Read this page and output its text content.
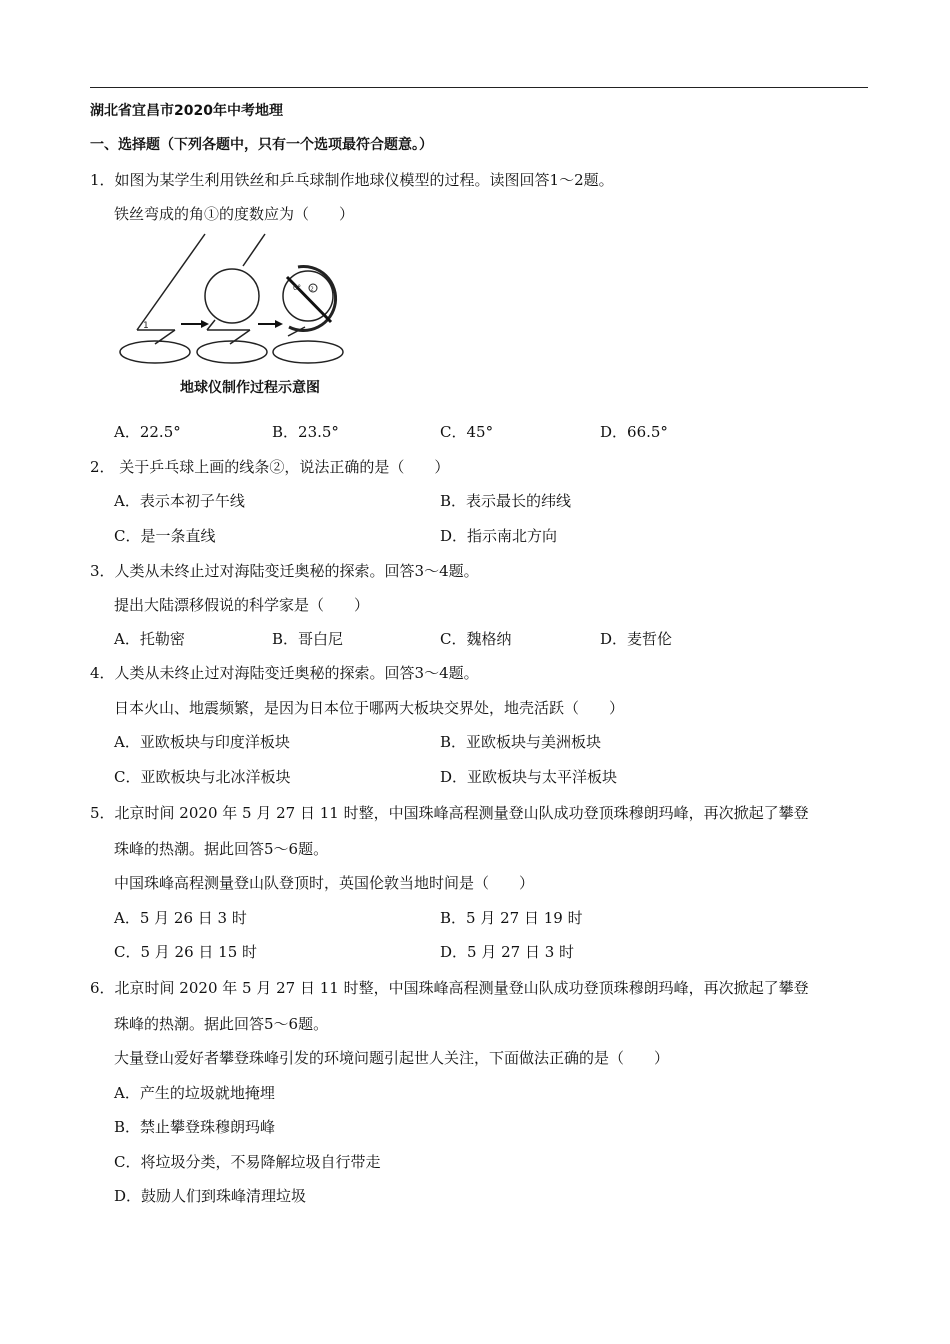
湖北省宜昌市2020年中考地理
一、选择题（下列各题中，只有一个选项最符合题意。）
1．如图为某学生利用铁丝和乒乓球制作地球仪模型的过程。读图回答1～2题。
铁丝弯成的角①的度数应为（　　）
1
0° 2
地球仪制作过程示意图
A．22.5°	B．23.5°	C．45°	D．66.5°
2． 关于乒乓球上画的线条②，说法正确的是（　　）
A．表示本初子午线	B．表示最长的纬线
C．是一条直线	D．指示南北方向
3．人类从未终止过对海陆变迁奥秘的探索。回答3～4题。
提出大陆漂移假说的科学家是（　　）
A．托勒密	B．哥白尼	C．魏格纳	D．麦哲伦
4．人类从未终止过对海陆变迁奥秘的探索。回答3～4题。
日本火山、地震频繁，是因为日本位于哪两大板块交界处，地壳活跃（　　）
A．亚欧板块与印度洋板块	B．亚欧板块与美洲板块
C．亚欧板块与北冰洋板块	D．亚欧板块与太平洋板块
5．北京时间 2020 年 5 月 27 日 11 时整，中国珠峰高程测量登山队成功登顶珠穆朗玛峰，再次掀起了攀登
珠峰的热潮。据此回答5～6题。
中国珠峰高程测量登山队登顶时，英国伦敦当地时间是（　　）
A．5 月 26 日 3 时	B．5 月 27 日 19 时
C．5 月 26 日 15 时	D．5 月 27 日 3 时
6．北京时间 2020 年 5 月 27 日 11 时整，中国珠峰高程测量登山队成功登顶珠穆朗玛峰，再次掀起了攀登
珠峰的热潮。据此回答5～6题。
大量登山爱好者攀登珠峰引发的环境问题引起世人关注，下面做法正确的是（　　）
A．产生的垃圾就地掩埋
B．禁止攀登珠穆朗玛峰
C．将垃圾分类，不易降解垃圾自行带走
D．鼓励人们到珠峰清理垃圾
